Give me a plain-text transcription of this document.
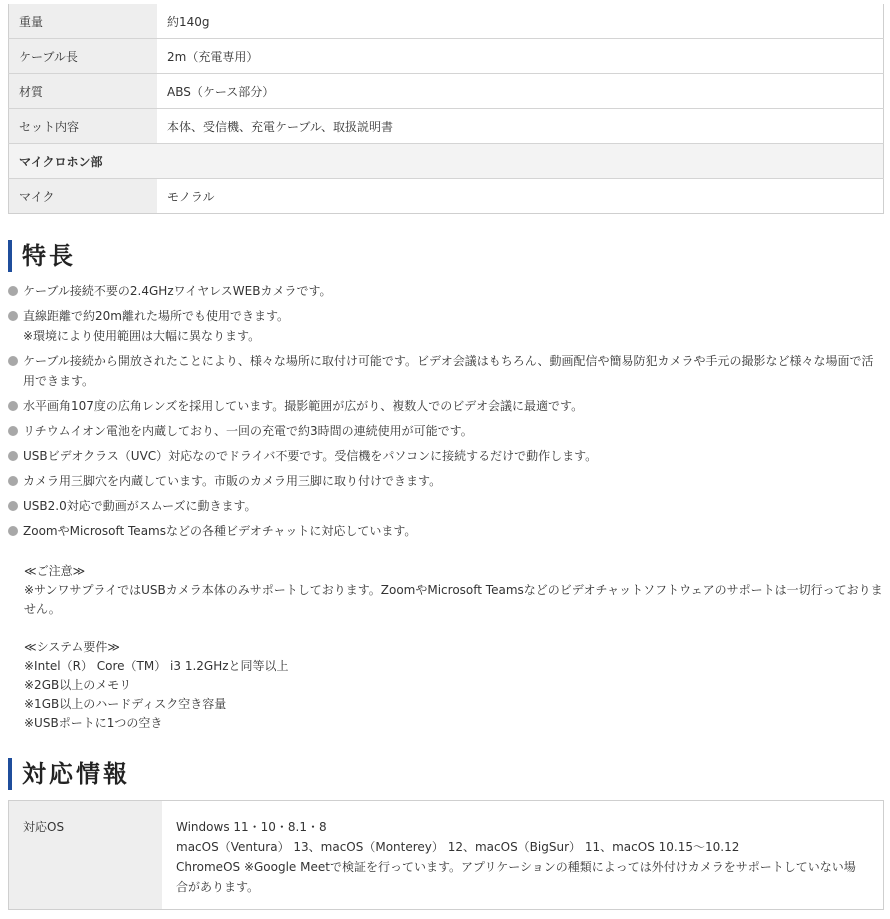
重量	約140g
ケーブル長	2m（充電専用）
材質	ABS（ケース部分）
セット内容	本体、受信機、充電ケーブル、取扱説明書
マイクロホン部	
マイク	モノラル
特長
ケーブル接続不要の2.4GHzワイヤレスWEBカメラです。
直線距離で約20m離れた場所でも使用できます。
※環境により使用範囲は大幅に異なります。
ケーブル接続から開放されたことにより、様々な場所に取付け可能です。ビデオ会議はもちろん、動画配信や簡易防犯カメラや手元の撮影など様々な場面で活用できます。
水平画角107度の広角レンズを採用しています。撮影範囲が広がり、複数人でのビデオ会議に最適です。
リチウムイオン電池を内蔵しており、一回の充電で約3時間の連続使用が可能です。
USBビデオクラス（UVC）対応なのでドライバ不要です。受信機をパソコンに接続するだけで動作します。
カメラ用三脚穴を内蔵しています。市販のカメラ用三脚に取り付けできます。
USB2.0対応で動画がスムーズに動きます。
ZoomやMicrosoft Teamsなどの各種ビデオチャットに対応しています。
≪ご注意≫
※サンワサプライではUSBカメラ本体のみサポートしております。ZoomやMicrosoft Teamsなどのビデオチャットソフトウェアのサポートは一切行っておりません。
≪システム要件≫
※Intel（R） Core（TM） i3 1.2GHzと同等以上
※2GB以上のメモリ
※1GB以上のハードディスク空き容量
※USBポートに1つの空き
対応情報
対応OS	Windows 11・10・8.1・8
macOS（Ventura） 13、macOS（Monterey） 12、macOS（BigSur） 11、macOS 10.15～10.12
ChromeOS ※Google Meetで検証を行っています。アプリケーションの種類によっては外付けカメラをサポートしていない場合があります。
